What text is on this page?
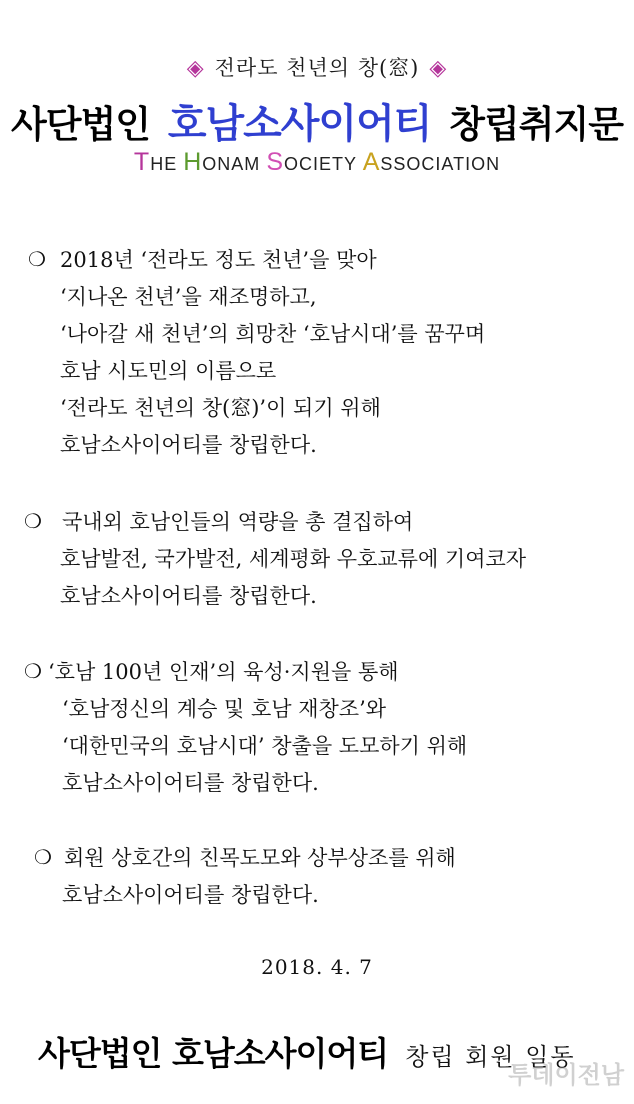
◈ 전라도 천년의 창(窓) ◈
사단법인 호남소사이어티 창립취지문
THE HONAM SOCIETY ASSOCIATION
❍ 2018년 ‘전라도 정도 천년’을 맞아
‘지나온 천년’을 재조명하고,
‘나아갈 새 천년’의 희망찬 ‘호남시대’를 꿈꾸며
호남 시도민의 이름으로
‘전라도 천년의 창(窓)’이 되기 위해
호남소사이어티를 창립한다.
❍ 국내외 호남인들의 역량을 총 결집하여
호남발전, 국가발전, 세계평화 우호교류에 기여코자
호남소사이어티를 창립한다.
❍ ‘호남 100년 인재’의 육성·지원을 통해
‘호남정신의 계승 및 호남 재창조’와
‘대한민국의 호남시대’ 창출을 도모하기 위해
호남소사이어티를 창립한다.
❍ 회원 상호간의 친목도모와 상부상조를 위해
호남소사이어티를 창립한다.
2018. 4. 7
사단법인 호남소사이어티 창립 회원 일동
투데이전남
